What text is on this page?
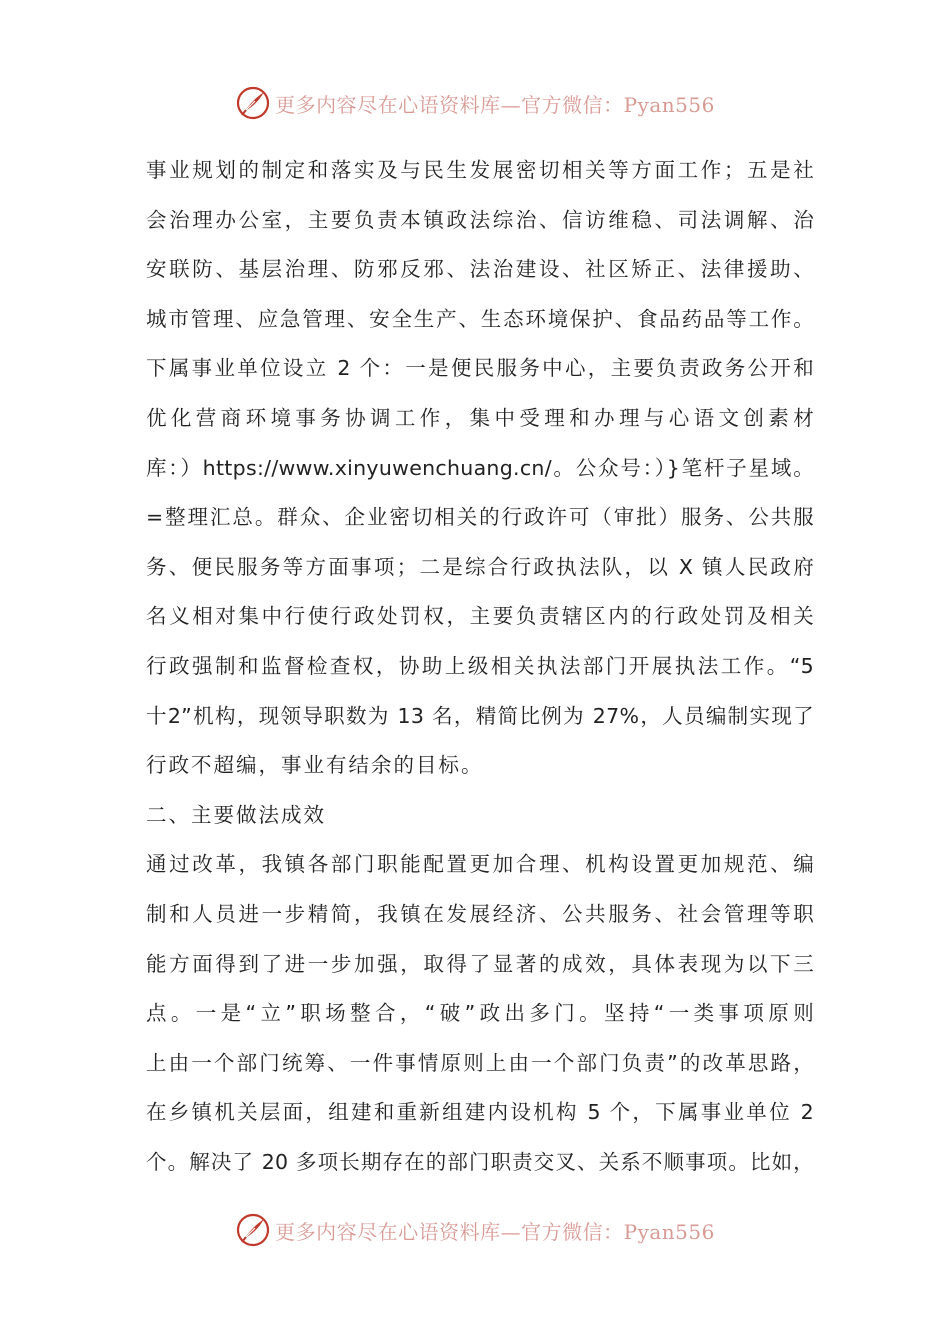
更多内容尽在心语资料库—官方微信：Pyan556
事业规划的制定和落实及与民生发展密切相关等方面工作；五是社
会治理办公室，主要负责本镇政法综治、信访维稳、司法调解、治
安联防、基层治理、防邪反邪、法治建设、社区矫正、法律援助、
城市管理、应急管理、安全生产、生态环境保护、食品药品等工作。
下属事业单位设立 2 个：一是便民服务中心，主要负责政务公开和
优化营商环境事务协调工作，集中受理和办理与心语文创素材
库：）https://www.xinyuwenchuang.cn/。公众号：）}笔杆子星域。
=整理汇总。群众、企业密切相关的行政许可（审批）服务、公共服
务、便民服务等方面事项；二是综合行政执法队，以 X 镇人民政府
名义相对集中行使行政处罚权，主要负责辖区内的行政处罚及相关
行政强制和监督检查权，协助上级相关执法部门开展执法工作。“5
十2”机构，现领导职数为 13 名，精简比例为 27%，人员编制实现了
行政不超编，事业有结余的目标。
二、主要做法成效
通过改革，我镇各部门职能配置更加合理、机构设置更加规范、编
制和人员进一步精简，我镇在发展经济、公共服务、社会管理等职
能方面得到了进一步加强，取得了显著的成效，具体表现为以下三
点。一是“立”职场整合，“破”政出多门。坚持“一类事项原则
上由一个部门统筹、一件事情原则上由一个部门负责”的改革思路，
在乡镇机关层面，组建和重新组建内设机构 5 个，下属事业单位 2
个。解决了 20 多项长期存在的部门职责交叉、关系不顺事项。比如，
更多内容尽在心语资料库—官方微信：Pyan556
